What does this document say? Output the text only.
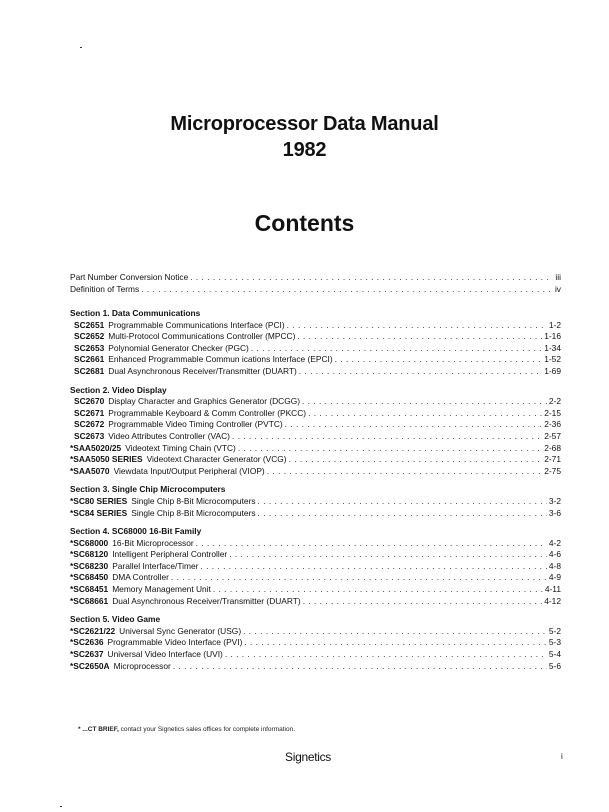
Microprocessor Data Manual
1982
Contents
Part Number Conversion Notice . . .	iii
Definition of Terms . . .	iv
Section 1. Data Communications
SC2651 Programmable Communications Interface (PCI) . . .	1-2
SC2652 Multi-Protocol Communications Controller (MPCC) . . .	1-16
SC2653 Polynomial Generator Checker (PGC) . . .	1-34
SC2661 Enhanced Programmable Commun ications Interface (EPCI) . . .	1-52
SC2681 Dual Asynchronous Receiver/Transmitter (DUART) . . .	1-69
Section 2. Video Display
SC2670 Display Character and Graphics Generator (DCGG) . . .	2-2
SC2671 Programmable Keyboard & Comm Controller (PKCC) . . .	2-15
SC2672 Programmable Video Timing Controller (PVTC) . . .	2-36
SC2673 Video Attributes Controller (VAC) . . .	2-57
*SAA5020/25 Videotext Timing Chain (VTC) . . .	2-68
*SAA5050 SERIES Videotext Character Generator (VCG) . . .	2-71
*SAA5070 Viewdata Input/Output Peripheral (VIOP) . . .	2-75
Section 3. Single Chip Microcomputers
*SC80 SERIES Single Chip 8-Bit Microcomputers . . .	3-2
*SC84 SERIES Single Chip 8-Bit Microcomputers . . .	3-6
Section 4. SC68000 16-Bit Family
*SC68000 16-Bit Microprocessor . . .	4-2
*SC68120 Intelligent Peripheral Controller . . .	4-6
*SC68230 Parallel Interface/Timer . . .	4-8
*SC68450 DMA Controller . . .	4-9
*SC68451 Memory Management Unit . . .	4-11
*SC68661 Dual Asynchronous Receiver/Transmitter (DUART) . . .	4-12
Section 5. Video Game
*SC2621/22 Universal Sync Generator (USG) . . .	5-2
*SC2636 Programmable Video Interface (PVI) . . .	5-3
*SC2637 Universal Video Interface (UVI) . . .	5-4
*SC2650A Microprocessor . . .	5-6
* ...CT BRIEF, contact your Signetics sales offices for complete information.
Signetics	i
